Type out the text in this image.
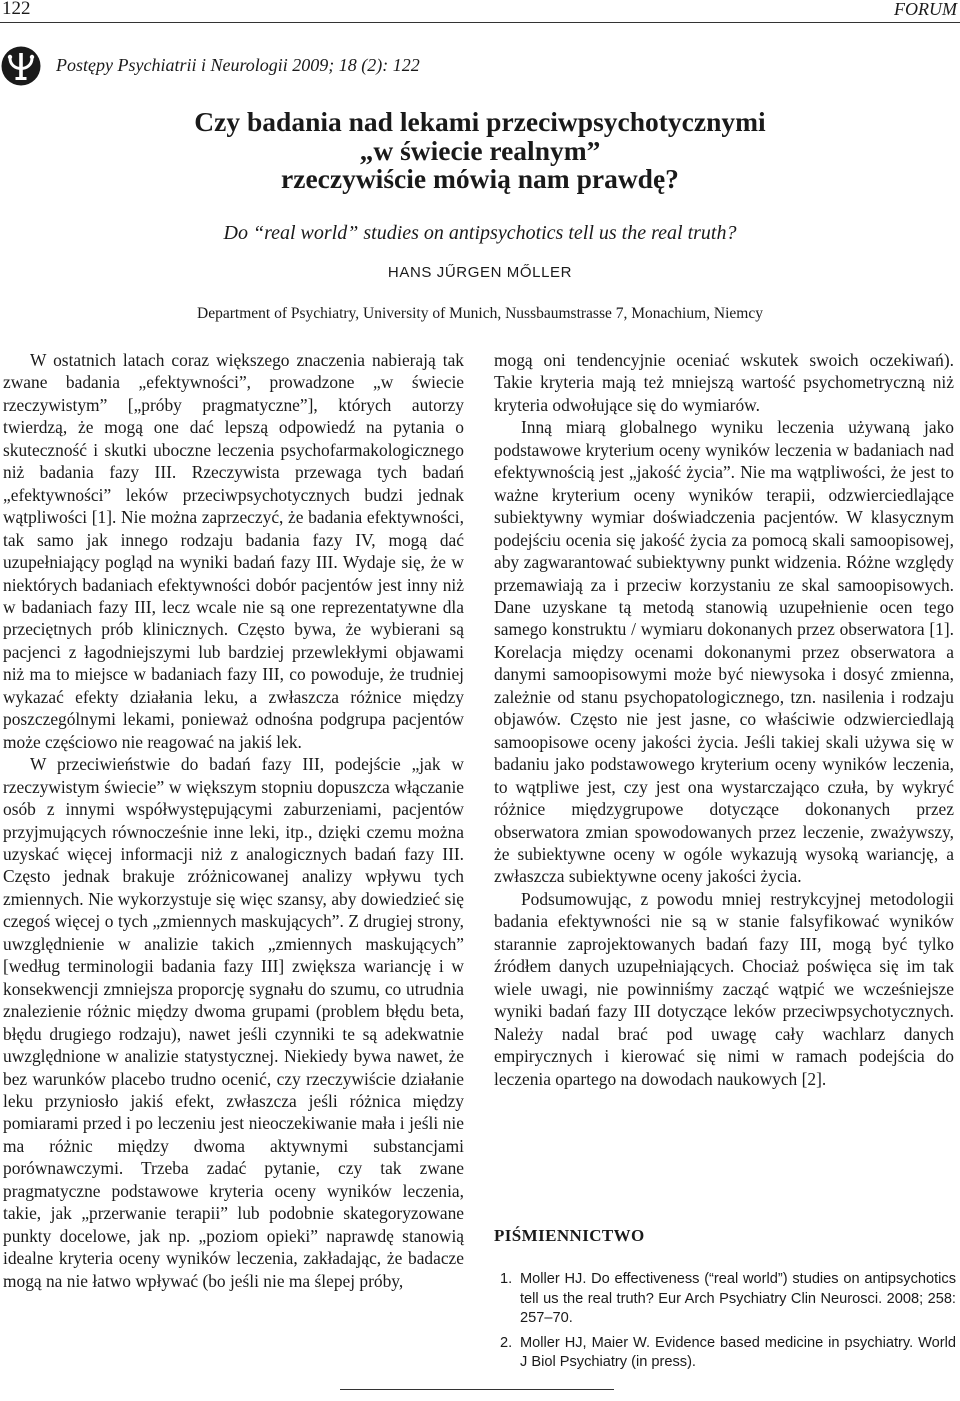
122	FORUM
Postępy Psychiatrii i Neurologii 2009; 18 (2): 122
Czy badania nad lekami przeciwpsychotycznymi
„w świecie realnym”
rzeczywiście mówią nam prawdę?
Do “real world” studies on antipsychotics tell us the real truth?
HANS JŰRGEN MŐLLER
Department of Psychiatry, University of Munich, Nussbaumstrasse 7, Monachium, Niemcy

W ostatnich latach coraz większego znaczenia nabierają tak zwane badania „efektywności”, prowadzone „w świecie rzeczywistym” [„próby pragmatyczne”], których autorzy twierdzą, że mogą one dać lepszą odpowiedź na pytania o skuteczność i skutki uboczne leczenia psychofarmakologicznego niż badania fazy III. Rzeczywista przewaga tych badań „efektywności” leków przeciwpsychotycznych budzi jednak wątpliwości [1]. Nie można zaprzeczyć, że badania efektywności, tak samo jak innego rodzaju badania fazy IV, mogą dać uzupełniający pogląd na wyniki badań fazy III. Wydaje się, że w niektórych badaniach efektywności dobór pacjentów jest inny niż w badaniach fazy III, lecz wcale nie są one reprezentatywne dla przeciętnych prób klinicznych. Często bywa, że wybierani są pacjenci z łagodniejszymi lub bardziej przewlekłymi objawami niż ma to miejsce w badaniach fazy III, co powoduje, że trudniej wykazać efekty działania leku, a zwłaszcza różnice między poszczególnymi lekami, ponieważ odnośna podgrupa pacjentów może częściowo nie reagować na jakiś lek.

W przeciwieństwie do badań fazy III, podejście „jak w rzeczywistym świecie” w większym stopniu dopuszcza włączanie osób z innymi współwystępującymi zaburzeniami, pacjentów przyjmujących równocześnie inne leki, itp., dzięki czemu można uzyskać więcej informacji niż z analogicznych badań fazy III. Często jednak brakuje zróżnicowanej analizy wpływu tych zmiennych. Nie wykorzystuje się więc szansy, aby dowiedzieć się czegoś więcej o tych „zmiennych maskujących”. Z drugiej strony, uwzględnienie w analizie takich „zmiennych maskujących” [według terminologii badania fazy III] zwiększa wariancję i w konsekwencji zmniejsza proporcję sygnału do szumu, co utrudnia znalezienie różnic między dwoma grupami (problem błędu beta, błędu drugiego rodzaju), nawet jeśli czynniki te są adekwatnie uwzględnione w analizie statystycznej. Niekiedy bywa nawet, że bez warunków placebo trudno ocenić, czy rzeczywiście działanie leku przyniosło jakiś efekt, zwłaszcza jeśli różnica między pomiarami przed i po leczeniu jest nieoczekiwanie mała i jeśli nie ma różnic między dwoma aktywnymi substancjami porównawczymi. Trzeba zadać pytanie, czy tak zwane pragmatyczne podstawowe kryteria oceny wyników leczenia, takie, jak „przerwanie terapii” lub podobnie skategoryzowane punkty docelowe, jak np. „poziom opieki” naprawdę stanowią idealne kryteria oceny wyników leczenia, zakładając, że badacze mogą na nie łatwo wpływać (bo jeśli nie ma ślepej próby,

mogą oni tendencyjnie oceniać wskutek swoich oczekiwań). Takie kryteria mają też mniejszą wartość psychometryczną niż kryteria odwołujące się do wymiarów.

Inną miarą globalnego wyniku leczenia używaną jako podstawowe kryterium oceny wyników leczenia w badaniach nad efektywnością jest „jakość życia”. Nie ma wątpliwości, że jest to ważne kryterium oceny wyników terapii, odzwierciedlające subiektywny wymiar doświadczenia pacjentów. W klasycznym podejściu ocenia się jakość życia za pomocą skali samoopisowej, aby zagwarantować subiektywny punkt widzenia. Różne względy przemawiają za i przeciw korzystaniu ze skal samoopisowych. Dane uzyskane tą metodą stanowią uzupełnienie ocen tego samego konstruktu / wymiaru dokonanych przez obserwatora [1]. Korelacja między ocenami dokonanymi przez obserwatora a danymi samoopisowymi może być niewysoka i dosyć zmienna, zależnie od stanu psychopatologicznego, tzn. nasilenia i rodzaju objawów. Często nie jest jasne, co właściwie odzwierciedlają samoopisowe oceny jakości życia. Jeśli takiej skali używa się w badaniu jako podstawowego kryterium oceny wyników leczenia, to wątpliwe jest, czy jest ona wystarczająco czuła, by wykryć różnice międzygrupowe dotyczące dokonanych przez obserwatora zmian spowodowanych przez leczenie, zważywszy, że subiektywne oceny w ogóle wykazują wysoką wariancję, a zwłaszcza subiektywne oceny jakości życia.

Podsumowując, z powodu mniej restrykcyjnej metodologii badania efektywności nie są w stanie falsyfikować wyników starannie zaprojektowanych badań fazy III, mogą być tylko źródłem danych uzupełniających. Chociaż poświęca się im tak wiele uwagi, nie powinniśmy zacząć wątpić we wcześniejsze wyniki badań fazy III dotyczące leków przeciwpsychotycznych. Należy nadal brać pod uwagę cały wachlarz danych empirycznych i kierować się nimi w ramach podejścia do leczenia opartego na dowodach naukowych [2].

PIŚMIENNICTWO
1. Moller HJ. Do effectiveness (“real world”) studies on antipsychotics tell us the real truth? Eur Arch Psychiatry Clin Neurosci. 2008; 258: 257–70.
2. Moller HJ, Maier W. Evidence based medicine in psychiatry. World J Biol Psychiatry (in press).
